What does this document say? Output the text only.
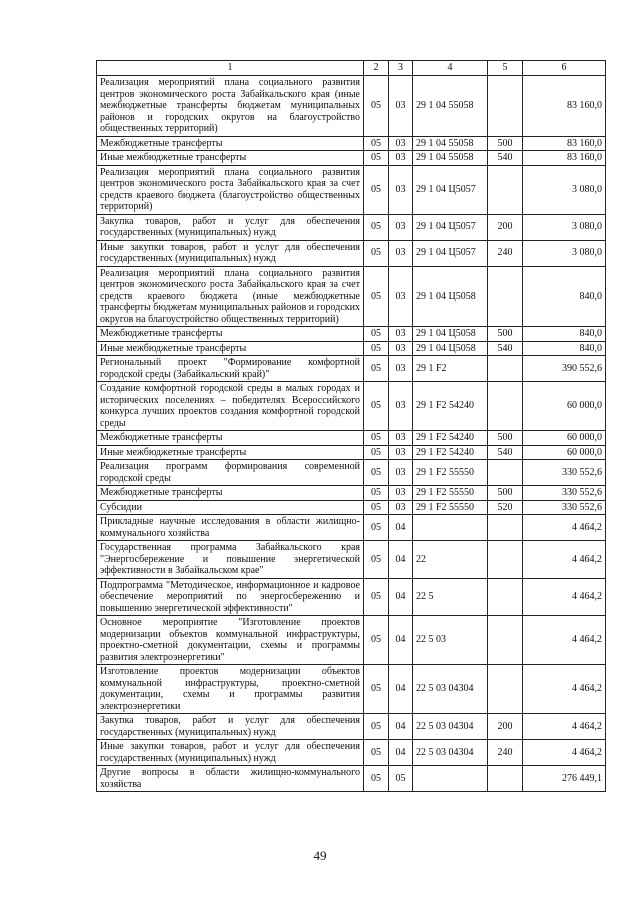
1	2	3	4	5	6
Реализация мероприятий плана социального развития центров экономического роста Забайкальского края (иные межбюджетные трансферты бюджетам муниципальных районов и городских округов на благоустройство общественных территорий)	05	03	29 1 04 55058		83 160,0
Межбюджетные трансферты	05	03	29 1 04 55058	500	83 160,0
Иные межбюджетные трансферты	05	03	29 1 04 55058	540	83 160,0
Реализация мероприятий плана социального развития центров экономического роста Забайкальского края за счет средств краевого бюджета (благоустройство общественных территорий)	05	03	29 1 04 Ц5057		3 080,0
Закупка товаров, работ и услуг для обеспечения государственных (муниципальных) нужд	05	03	29 1 04 Ц5057	200	3 080,0
Иные закупки товаров, работ и услуг для обеспечения государственных (муниципальных) нужд	05	03	29 1 04 Ц5057	240	3 080,0
Реализация мероприятий плана социального развития центров экономического роста Забайкальского края за счет средств краевого бюджета (иные межбюджетные трансферты бюджетам муниципальных районов и городских округов на благоустройство общественных территорий)	05	03	29 1 04 Ц5058		840,0
Межбюджетные трансферты	05	03	29 1 04 Ц5058	500	840,0
Иные межбюджетные трансферты	05	03	29 1 04 Ц5058	540	840,0
Региональный проект "Формирование комфортной городской среды (Забайкальский край)"	05	03	29 1 F2		390 552,6
Создание комфортной городской среды в малых городах и исторических поселениях – победителях Всероссийского конкурса лучших проектов создания комфортной городской среды	05	03	29 1 F2 54240		60 000,0
Межбюджетные трансферты	05	03	29 1 F2 54240	500	60 000,0
Иные межбюджетные трансферты	05	03	29 1 F2 54240	540	60 000,0
Реализация программ формирования современной городской среды	05	03	29 1 F2 55550		330 552,6
Межбюджетные трансферты	05	03	29 1 F2 55550	500	330 552,6
Субсидии	05	03	29 1 F2 55550	520	330 552,6
Прикладные научные исследования в области жилищно-коммунального хозяйства	05	04			4 464,2
Государственная программа Забайкальского края "Энергосбережение и повышение энергетической эффективности в Забайкальском крае"	05	04	22		4 464,2
Подпрограмма "Методическое, информационное и кадровое обеспечение мероприятий по энергосбережению и повышению энергетической эффективности"	05	04	22 5		4 464,2
Основное мероприятие "Изготовление проектов модернизации объектов коммунальной инфраструктуры, проектно-сметной документации, схемы и программы развития электроэнергетики"	05	04	22 5 03		4 464,2
Изготовление проектов модернизации объектов коммунальной инфраструктуры, проектно-сметной документации, схемы и программы развития электроэнергетики	05	04	22 5 03 04304		4 464,2
Закупка товаров, работ и услуг для обеспечения государственных (муниципальных) нужд	05	04	22 5 03 04304	200	4 464,2
Иные закупки товаров, работ и услуг для обеспечения государственных (муниципальных) нужд	05	04	22 5 03 04304	240	4 464,2
Другие вопросы в области жилищно-коммунального хозяйства	05	05			276 449,1
49
